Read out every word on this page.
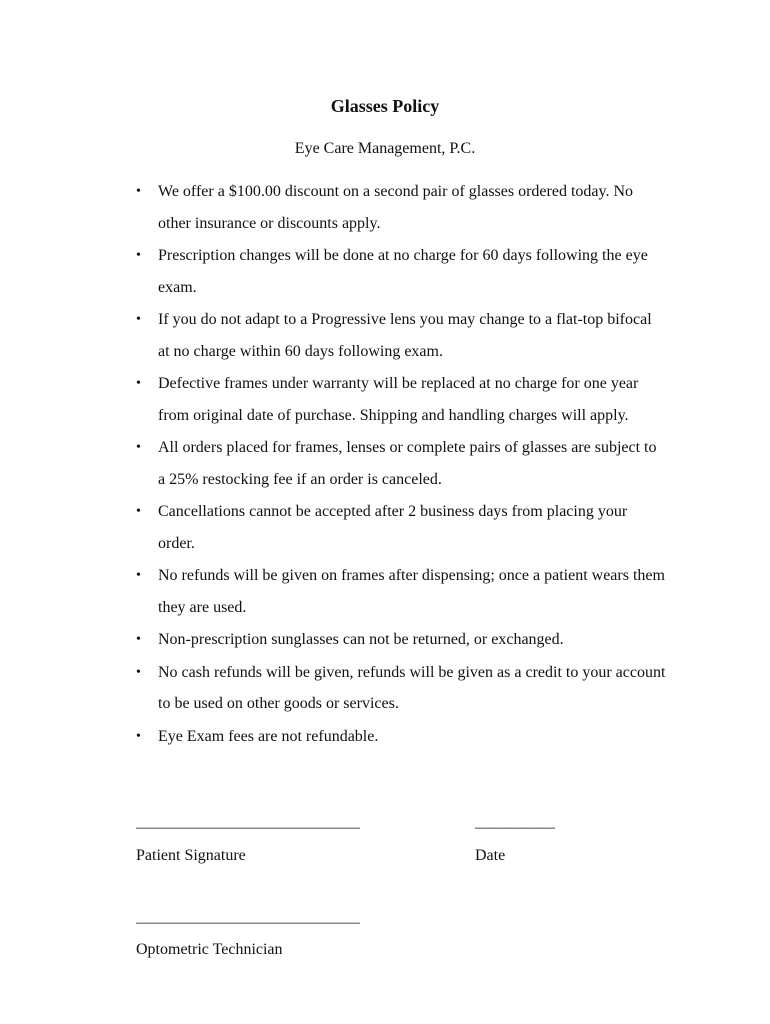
Glasses Policy
Eye Care Management, P.C.
• We offer a $100.00 discount on a second pair of glasses ordered today. No other insurance or discounts apply.
• Prescription changes will be done at no charge for 60 days following the eye exam.
• If you do not adapt to a Progressive lens you may change to a flat-top bifocal at no charge within 60 days following exam.
• Defective frames under warranty will be replaced at no charge for one year from original date of purchase. Shipping and handling charges will apply.
• All orders placed for frames, lenses or complete pairs of glasses are subject to a 25% restocking fee if an order is canceled.
• Cancellations cannot be accepted after 2 business days from placing your order.
• No refunds will be given on frames after dispensing; once a patient wears them they are used.
• Non-prescription sunglasses can not be returned, or exchanged.
• No cash refunds will be given, refunds will be given as a credit to your account to be used on other goods or services.
• Eye Exam fees are not refundable.
——————————————
Patient Signature
—————
Date
——————————————
Optometric Technician
